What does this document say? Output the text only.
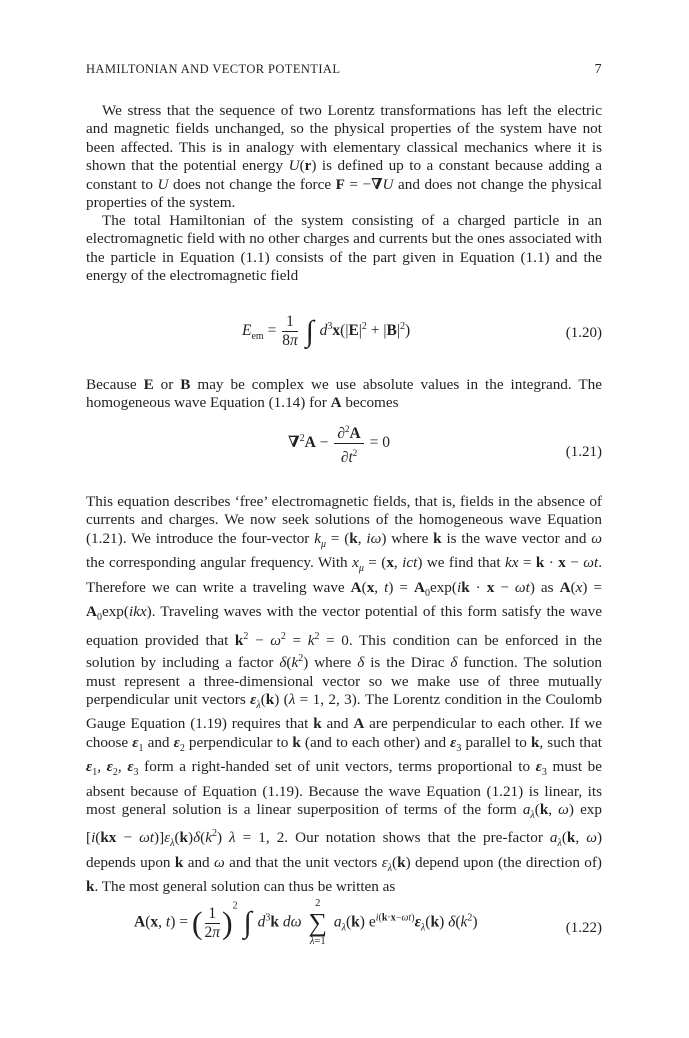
HAMILTONIAN AND VECTOR POTENTIAL	7

We stress that the sequence of two Lorentz transformations has left the electric and magnetic fields unchanged, so the physical properties of the system have not been affected. This is in analogy with elementary classical mechanics where it is shown that the potential energy U(r) is defined up to a constant because adding a constant to U does not change the force F = −∇U and does not change the physical properties of the system.

The total Hamiltonian of the system consisting of a charged particle in an electromagnetic field with no other charges and currents but the ones associated with the particle in Equation (1.1) consists of the part given in Equation (1.1) and the energy of the electromagnetic field

$E_{em} = \frac{1}{8\pi}$ ∫ $d^3x(|E|^2 + |B|^2)$	(1.20)

Because E or B may be complex we use absolute values in the integrand. The homogeneous wave Equation (1.14) for A becomes

$\nabla^2A - \frac{\partial^2A}{\partial t^2} = 0$
(1.21)

This equation describes ‘free’ electromagnetic fields, that is, fields in the absence of currents and charges. We now seek solutions of the homogeneous wave Equation (1.21). We introduce the four-vector $k_\mu = (k$, iω) where k is the wave vector and ω the corresponding angular frequency. With $x_\mu = (x$, ict) we find that kx = k · x − ωt. Therefore we can write a traveling wave A(x, $t) = A_0\exp(ik \cdot x - \omega t)$ as $A(x) = A_0\exp(ikx)$. Traveling waves with the vector potential of this form satisfy the wave equation provided that $k^2 - \omega^2 = k^2 = 0$. This condition can be enforced in the solution by including a factor $\delta(k^2)$ where δ is the Dirac δ function. The solution must represent a three-dimensional vector so we make use of three mutually perpendicular unit vectors $\varepsilon_\lambda(k) (\lambda = 1$, 2, 3). The Lorentz condition in the Coulomb Gauge Equation (1.19) requires that k and A are perpendicular to each other. If we choose $\varepsilon_1$ and $\varepsilon_2$ perpendicular to k (and to each other) and $\varepsilon_3$ parallel to k, such that $\varepsilon_1$, $\varepsilon_2$, $\varepsilon_3$ form a right-handed set of unit vectors, terms proportional to $\varepsilon_3$ must be absent because of Equation (1.19). Because the wave Equation (1.21) is linear, its most general solution is a linear superposition of terms of the form $a_\lambda(k$, ω) $\exp [i(kx - \omega t)]\varepsilon_\lambda(k)\delta(k^2)$ λ = 1, 2. Our notation shows that the pre-factor $a_\lambda(k$, ω) depends upon k and ω and that the unit vectors $\varepsilon_\lambda(k)$ depend upon (the direction of) k. The most general solution can thus be written as

A(x, t) = ( $\frac{1}{2\pi} )^2$ ∫ $d^3k$ dω
2
∑
λ=1
$a_\lambda(k)$ $e^{i(k\cdot x-\omega t)}\varepsilon_\lambda(k)$ $\delta(k^2)$	(1.22)
